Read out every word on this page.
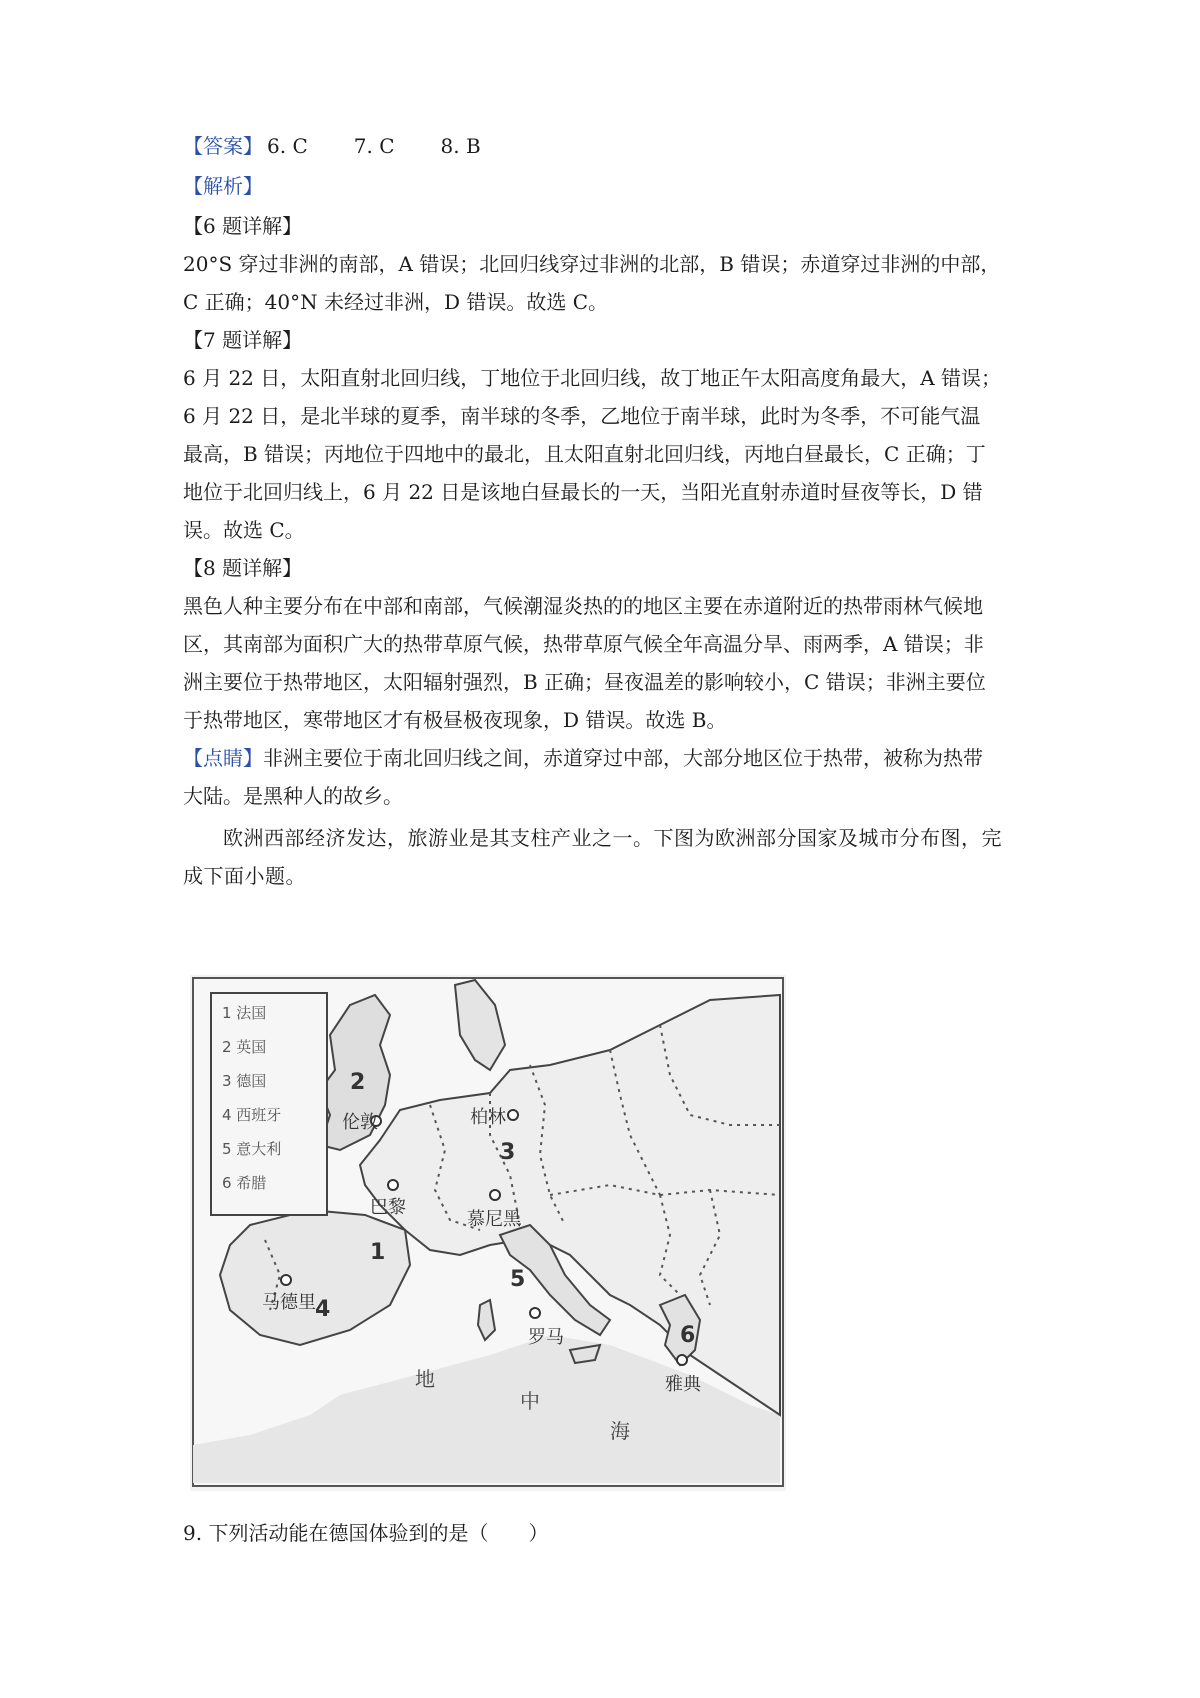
【答案】 6. C 7. C 8. B
【解析】
【6 题详解】
20°S 穿过非洲的南部，A 错误；北回归线穿过非洲的北部，B 错误；赤道穿过非洲的中部，
C 正确；40°N 未经过非洲，D 错误。故选 C。
【7 题详解】
6 月 22 日，太阳直射北回归线，丁地位于北回归线，故丁地正午太阳高度角最大，A 错误；
6 月 22 日，是北半球的夏季，南半球的冬季，乙地位于南半球，此时为冬季，不可能气温
最高，B 错误；丙地位于四地中的最北，且太阳直射北回归线，丙地白昼最长，C 正确；丁
地位于北回归线上，6 月 22 日是该地白昼最长的一天，当阳光直射赤道时昼夜等长，D 错
误。故选 C。
【8 题详解】
黑色人种主要分布在中部和南部，气候潮湿炎热的的地区主要在赤道附近的热带雨林气候地
区，其南部为面积广大的热带草原气候，热带草原气候全年高温分旱、雨两季，A 错误；非
洲主要位于热带地区，太阳辐射强烈，B 正确；昼夜温差的影响较小，C 错误；非洲主要位
于热带地区，寒带地区才有极昼极夜现象，D 错误。故选 B。
【点睛】非洲主要位于南北回归线之间，赤道穿过中部，大部分地区位于热带，被称为热带
大陆。是黑种人的故乡。
欧洲西部经济发达，旅游业是其支柱产业之一。下图为欧洲部分国家及城市分布图，完
成下面小题。
1 法国
2 英国
3 德国
4 西班牙
5 意大利
6 希腊
1
2
3
4
5
6
伦敦	柏林
巴黎
慕尼黑
马德里
罗马
雅典
地
中
海
9. 下列活动能在德国体验到的是（　　）
